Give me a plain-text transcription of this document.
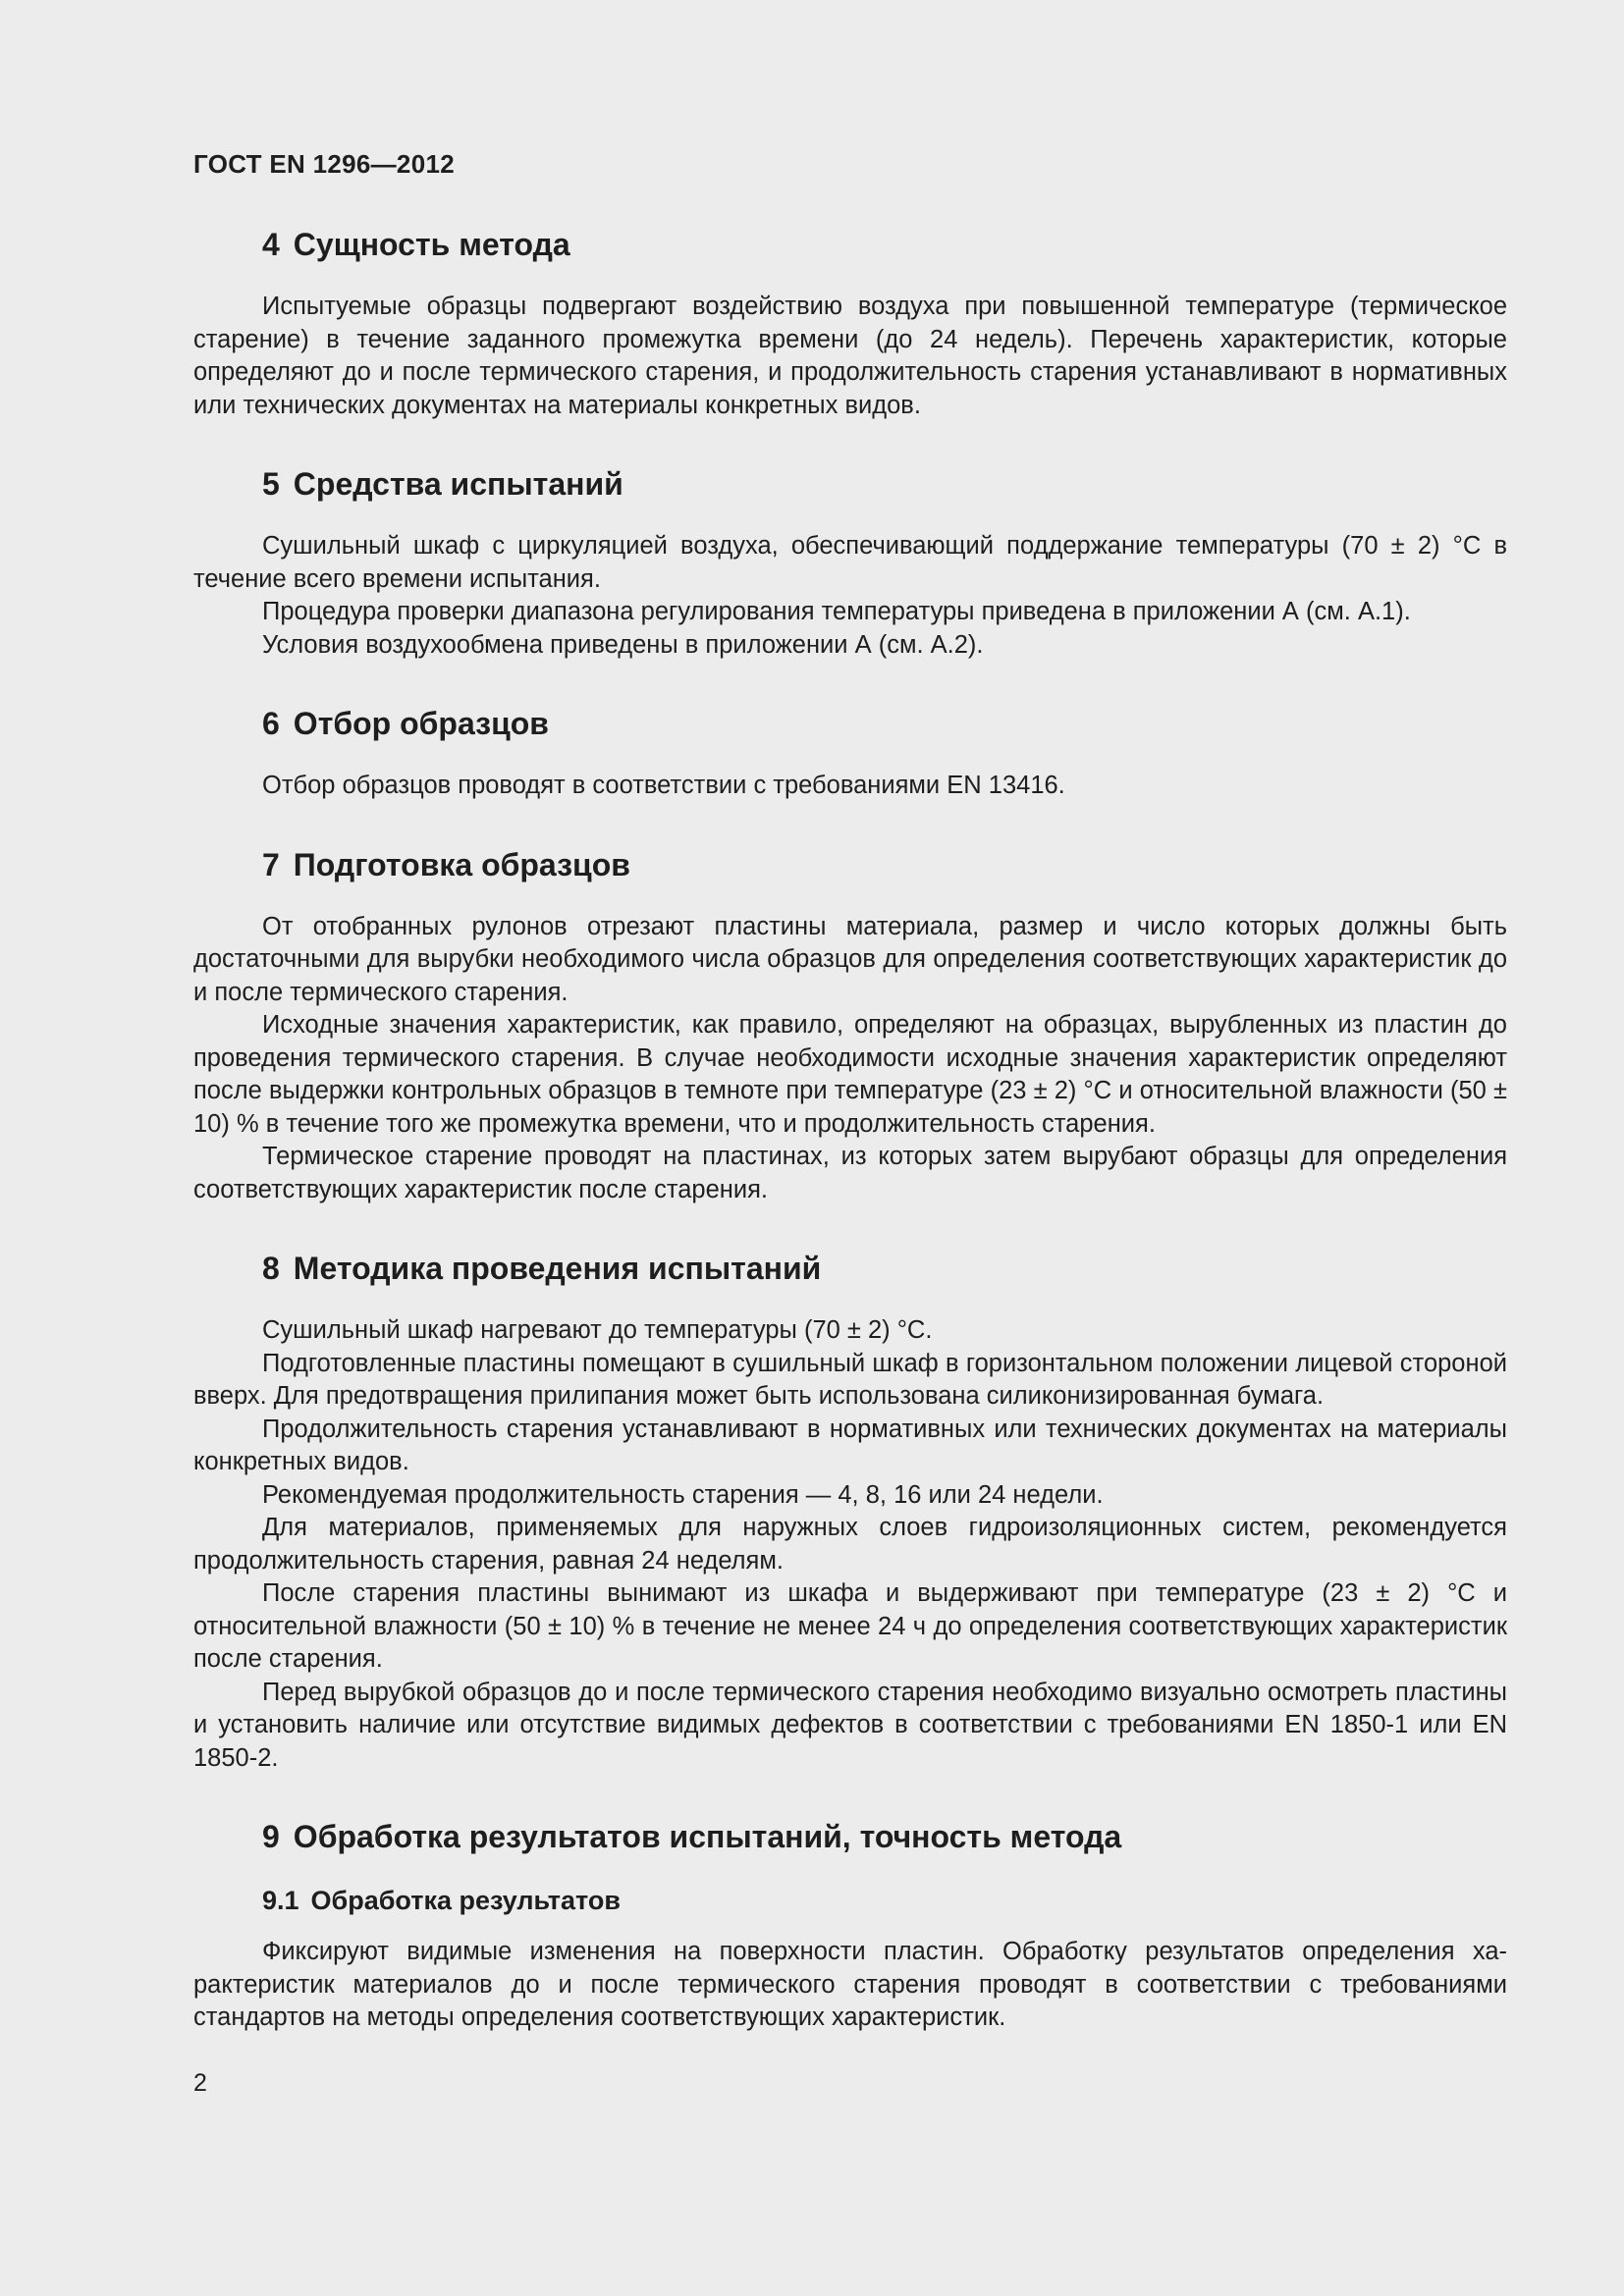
ГОСТ EN 1296—2012
4 Сущность метода

Испытуемые образцы подвергают воздействию воздуха при повышенной температуре (термическое старение) в течение заданного промежутка времени (до 24 недель). Перечень характеристик, которые определяют до и после термического старения, и продолжительность старения устанавливают в нормативных или технических документах на материалы конкретных видов.

5 Средства испытаний

Сушильный шкаф с циркуляцией воздуха, обеспечивающий поддержание температуры (70 ± 2) °C в течение всего времени испытания.

Процедура проверки диапазона регулирования температуры приведена в приложении А (см. А.1).

Условия воздухообмена приведены в приложении А (см. А.2).

6 Отбор образцов

Отбор образцов проводят в соответствии с требованиями EN 13416.

7 Подготовка образцов

От отобранных рулонов отрезают пластины материала, размер и число которых должны быть достаточными для вырубки необходимого числа образцов для определения соответствующих характеристик до и после термического старения.

Исходные значения характеристик, как правило, определяют на образцах, вырубленных из пластин до проведения термического старения. В случае необходимости исходные значения характеристик определяют после выдержки контрольных образцов в темноте при температуре (23 ± 2) °C и относительной влажности (50 ± 10) % в течение того же промежутка времени, что и продолжительность старения.

Термическое старение проводят на пластинах, из которых затем вырубают образцы для определения соответствующих характеристик после старения.

8 Методика проведения испытаний

Сушильный шкаф нагревают до температуры (70 ± 2) °C.

Подготовленные пластины помещают в сушильный шкаф в горизонтальном положении лицевой стороной вверх. Для предотвращения прилипания может быть использована силиконизированная бумага.

Продолжительность старения устанавливают в нормативных или технических документах на материалы конкретных видов.

Рекомендуемая продолжительность старения — 4, 8, 16 или 24 недели.

Для материалов, применяемых для наружных слоев гидроизоляционных систем, рекомендуется продолжительность старения, равная 24 неделям.

После старения пластины вынимают из шкафа и выдерживают при температуре (23 ± 2) °C и относительной влажности (50 ± 10) % в течение не менее 24 ч до определения соответствующих характеристик после старения.

Перед вырубкой образцов до и после термического старения необходимо визуально осмотреть пластины и установить наличие или отсутствие видимых дефектов в соответствии с требованиями EN 1850-1 или EN 1850-2.

9 Обработка результатов испытаний, точность метода
9.1 Обработка результатов

Фиксируют видимые изменения на поверхности пластин. Обработку результатов определения характеристик материалов до и после термического старения проводят в соответствии с требованиями стандартов на методы определения соответствующих характеристик.

2
